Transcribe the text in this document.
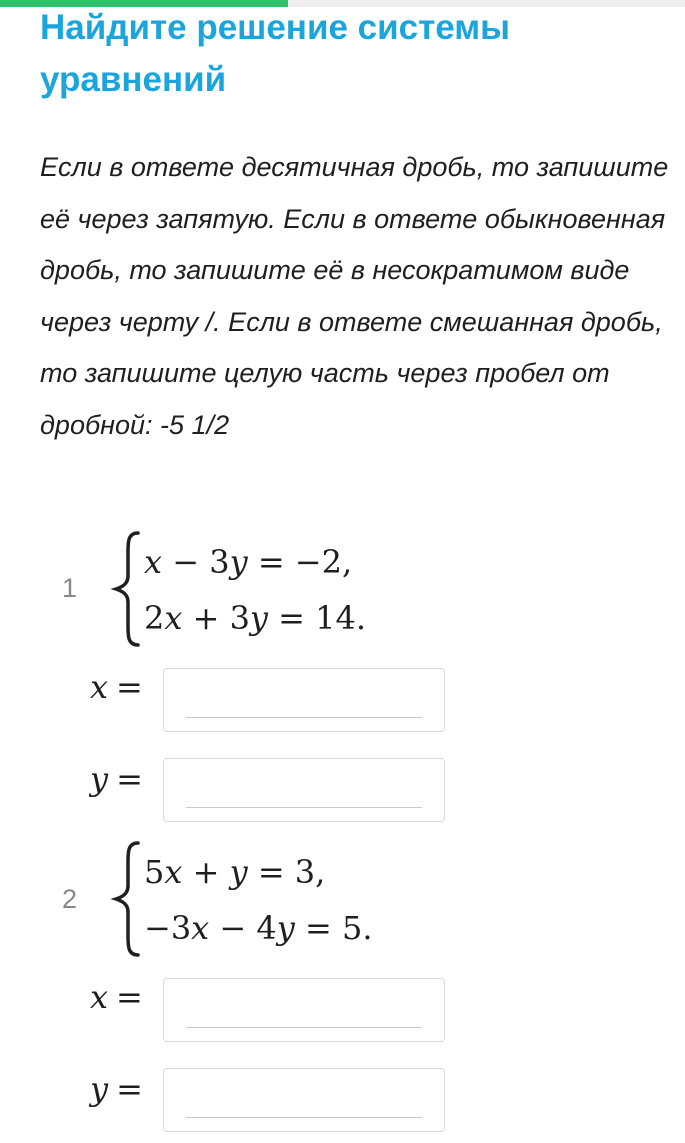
Найдите решение системы уравнений

Если в ответе десятичная дробь, то запишите её через запятую. Если в ответе обыкновенная дробь, то запишите её в несократимом виде через черту /. Если в ответе смешанная дробь, то запишите целую часть через пробел от дробной: -5 1/2

1
x − 3y = −2,
2x + 3y = 14.
x =
y =
2
5x + y = 3,
−3x − 4y = 5.
x =
y =
